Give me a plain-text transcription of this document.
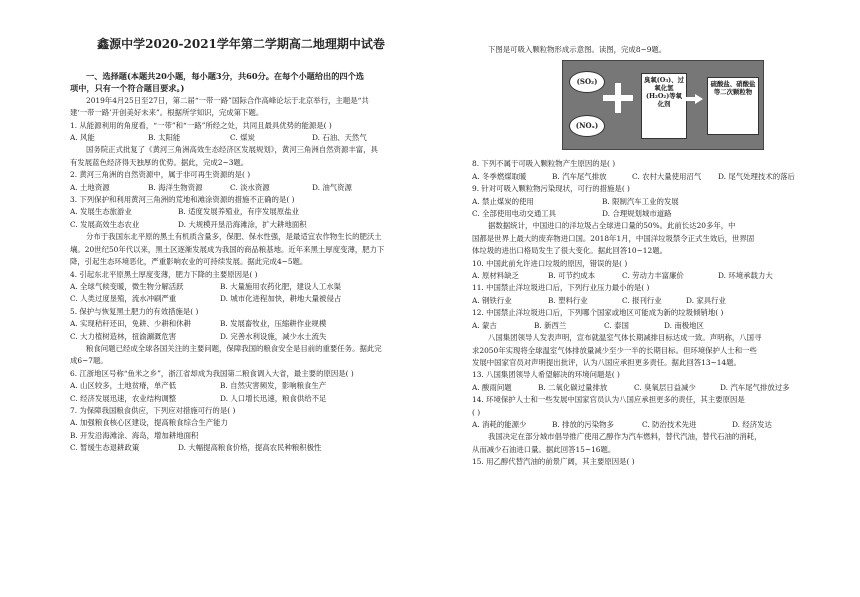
鑫源中学2020-2021学年第二学期高二地理期中试卷
一、选择题(本题共20小题，每小题3分，共60分。在每个小题给出的四个选
项中，只有一个符合题目要求。)
2019年4月25日至27日，第二届“一带一路”国际合作高峰论坛于北京举行，主题是“共
建‘一带一路’开创美好未来”。根据所学知识，完成第下题。
1. 从能源利用的角度看，“一带”和“一路”所经之处，共同且最具优势的能源是( )
A. 风能	B. 太阳能	C. 煤炭	D. 石油、天然气
国务院正式批复了《黄河三角洲高效生态经济区发展规划》，黄河三角洲自然资源丰富，具
有发展蓝色经济得天独厚的优势。据此，完成2~3题。
2. 黄河三角洲的自然资源中，属于非可再生资源的是( )
A. 土地资源	B. 海洋生物资源	C. 淡水资源	D. 油气资源
3. 下列保护和利用黄河三角洲的荒地和滩涂资源的措施不正确的是( )
A. 发展生态旅游业	B. 适度发展养殖业，有序发展原盐业
C. 发展高效生态农业	D. 大规模开垦沿海滩涂，扩大耕地面积
分布于我国东北平原的黑土有机质含量多，保肥、保水性强，是最适宜农作物生长的肥沃土
壤。20世纪50年代以来，黑土区逐渐发展成为我国的商品粮基地。近年来黑土厚度变薄，肥力下
降，引起生态环境恶化，严重影响农业的可持续发展。据此完成4~5题。
4. 引起东北平原黑土厚度变薄，肥力下降的主要原因是( )
A. 全球气候变暖，微生物分解活跃	B. 大量施用农药化肥，建设人工水渠
C. 人类过度垦殖，流水冲刷严重	D. 城市化进程加快，耕地大量被侵占
5. 保护与恢复黑土肥力的有效措施是( )
A. 实现秸秆还田，免耕、少耕和休耕	B. 发展畜牧业，压缩耕作业规模
C. 大力植树造林，扭渝涮溉危害	D. 完善水利设施，减少水土流失
粮食问题已经成全球各国关注的主要问题，保障我国的粮食安全是目前的重要任务。据此完
成6~7题。
6. 江浙地区号称“鱼米之乡”，浙江省却成为我国第二粮食调入大省，最主要的原因是( )
A. 山区较多，土地贫瘠，单产低	B. 自然灾害频发，影响粮食生产
C. 经济发展迅速，农业结构调整	D. 人口增长迅速，粮食供给不足
7. 为保障我国粮食供应，下列应对措施可行的是( )
A. 加强粮食核心区建设，提高粮食综合生产能力
B. 开发沿海滩涂、海岛，增加耕地面积
C. 暂缓生态退耕政策	D. 大幅提高粮食价格，提高农民种粮积极性
下图是可吸入颗粒物形成示意图。读图，完成8~9题。
(SO₂)
(NOₓ)
臭氧(O₃)、过氧化氢(H₂O₂)等氧化剂
硫酸盐、硝酸盐等二次颗粒物
8. 下列不属于可吸入颗粒物产生原因的是( )
A. 冬季燃煤取暖	B. 汽车尾气排放	C. 农村大量使用沼气	D. 尾气处理技术的落后
9. 针对可吸入颗粒物污染现状，可行的措施是( )
A. 禁止煤炭的使用	B. 限制汽车工业的发展
C. 全部使用电动交通工具	D. 合理规划城市道路
据数据统计，中国进口的洋垃圾占全球进口量的50%。此前长达20多年，中
国都是世界上最大的废弃物进口国。2018年1月，中国洋垃圾禁令正式生效后，世界固
体垃圾的进出口格局发生了很大变化。据此回答10~12题。
10. 中国此前允许进口垃圾的原因，错误的是( )
A. 原材料缺乏	B. 可节约成本	C. 劳动力丰富廉价	D. 环境承载力大
11. 中国禁止洋垃圾进口后，下列行业压力最小的是( )
A. 钢铁行业	B. 塑料行业	C. 报刊行业	D. 家具行业
12. 中国禁止洋垃圾进口后，下列哪个国家或地区可能成为新的垃圾倾销地( )
A. 蒙古	B. 新西兰	C. 泰国	D. 南极地区
八国集团领导人发表声明，宣布就温室气体长期减排目标达成一致。声明称，八国寻
求2050年实现将全球温室气体排放量减少至少一半的长期目标。但环境保护人士和一些
发展中国家官员对声明提出批评，认为八国应承担更多责任。据此回答13~14题。
13. 八国集团领导人希望解决的环境问题是( )
A. 酸雨问题	B. 二氧化碳过量排放	C. 臭氧层日益减少	D. 汽车尾气排放过多
14. 环境保护人士和一些发展中国家官员认为八国应承担更多的责任，其主要原因是
( )
A. 消耗的能源少	B. 排放的污染物多	C. 防治技术先进	D. 经济发达
我国决定在部分城市倡导推广使用乙醇作为汽车燃料，替代汽油，替代石油的消耗，
从而减少石油进口量。据此回答15~16题。
15. 用乙醇代替汽油的前景广阔，其主要原因是( )
